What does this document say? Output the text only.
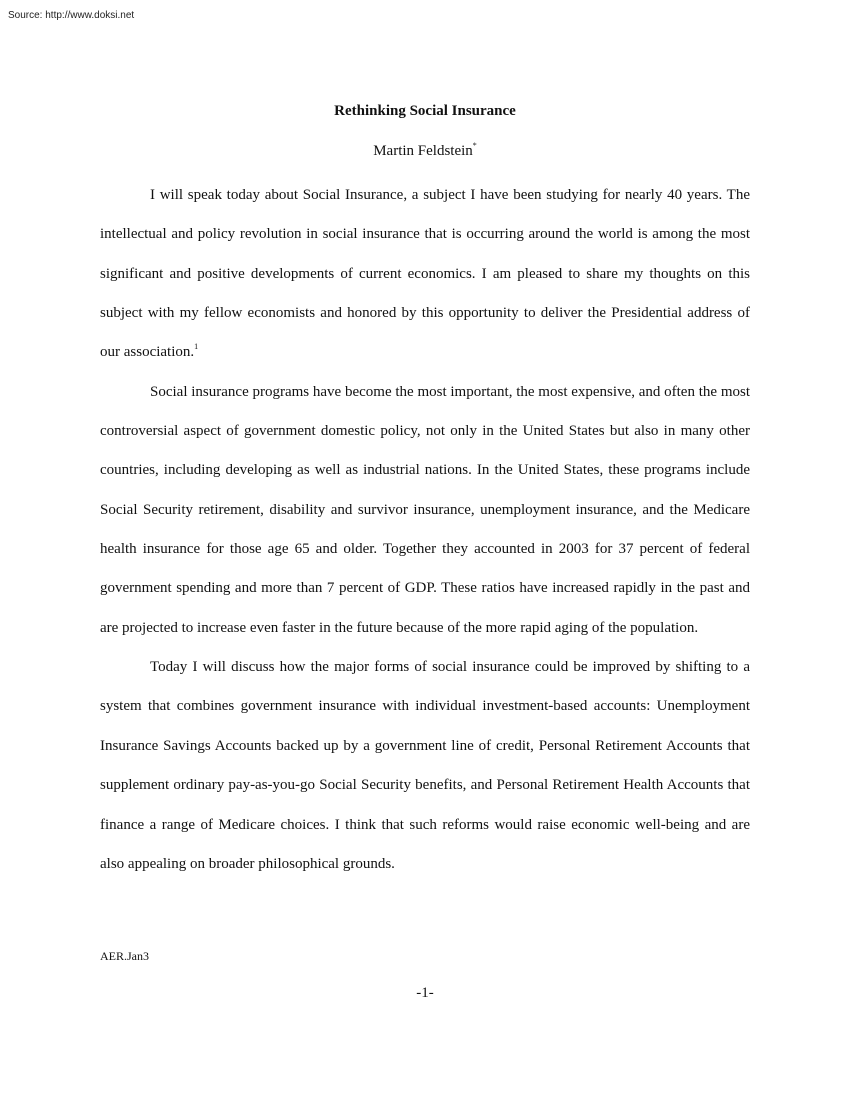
Source: http://www.doksi.net
Rethinking Social Insurance
Martin Feldstein*

I will speak today about Social Insurance, a subject I have been studying for nearly 40 years. The intellectual and policy revolution in social insurance that is occurring around the world is among the most significant and positive developments of current economics. I am pleased to share my thoughts on this subject with my fellow economists and honored by this opportunity to deliver the Presidential address of our association.$^1$

Social insurance programs have become the most important, the most expensive, and often the most controversial aspect of government domestic policy, not only in the United States but also in many other countries, including developing as well as industrial nations. In the United States, these programs include Social Security retirement, disability and survivor insurance, unemployment insurance, and the Medicare health insurance for those age 65 and older. Together they accounted in 2003 for 37 percent of federal government spending and more than 7 percent of GDP. These ratios have increased rapidly in the past and are projected to increase even faster in the future because of the more rapid aging of the population.

Today I will discuss how the major forms of social insurance could be improved by shifting to a system that combines government insurance with individual investment-based accounts: Unemployment Insurance Savings Accounts backed up by a government line of credit, Personal Retirement Accounts that supplement ordinary pay-as-you-go Social Security benefits, and Personal Retirement Health Accounts that finance a range of Medicare choices. I think that such reforms would raise economic well-being and are also appealing on broader philosophical grounds.

AER.Jan3
-1-
